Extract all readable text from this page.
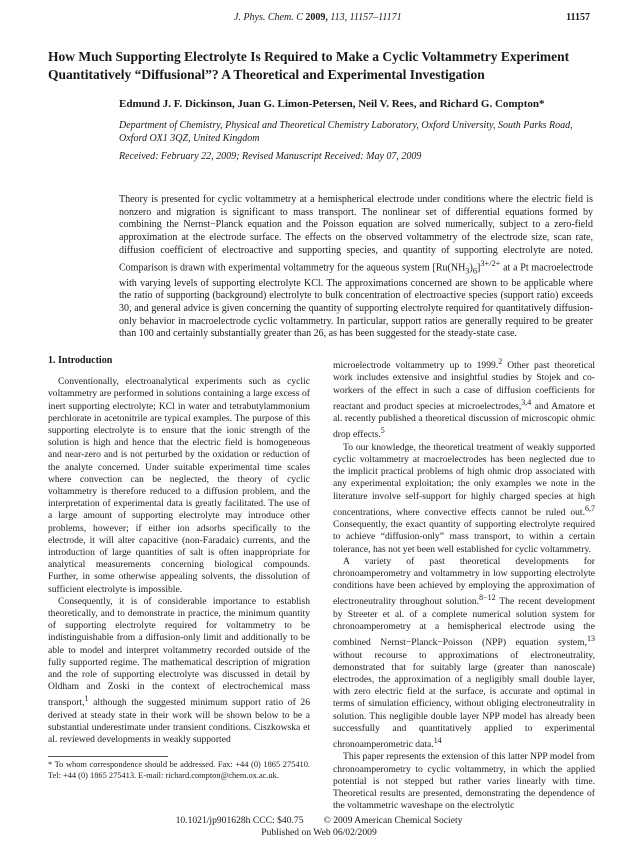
J. Phys. Chem. C 2009, 113, 11157–11171	11157
How Much Supporting Electrolyte Is Required to Make a Cyclic Voltammetry Experiment Quantitatively “Diffusional”? A Theoretical and Experimental Investigation
Edmund J. F. Dickinson, Juan G. Limon-Petersen, Neil V. Rees, and Richard G. Compton*
Department of Chemistry, Physical and Theoretical Chemistry Laboratory, Oxford University, South Parks Road, Oxford OX1 3QZ, United Kingdom
Received: February 22, 2009; Revised Manuscript Received: May 07, 2009

Theory is presented for cyclic voltammetry at a hemispherical electrode under conditions where the electric field is nonzero and migration is significant to mass transport. The nonlinear set of differential equations formed by combining the Nernst−Planck equation and the Poisson equation are solved numerically, subject to a zero-field approximation at the electrode surface. The effects on the observed voltammetry of the electrode size, scan rate, diffusion coefficient of electroactive and supporting species, and quantity of supporting electrolyte are noted. Comparison is drawn with experimental voltammetry for the aqueous system $[Ru(NH_3)_6]^{3+/2+}$ at a Pt macroelectrode with varying levels of supporting electrolyte KCl. The approximations concerned are shown to be applicable where the ratio of supporting (background) electrolyte to bulk concentration of electroactive species (support ratio) exceeds 30, and general advice is given concerning the quantity of supporting electrolyte required for quantitatively diffusion-only behavior in macroelectrode cyclic voltammetry. In particular, support ratios are generally required to be greater than 100 and certainly substantially greater than 26, as has been suggested for the steady-state case.

1. Introduction

Conventionally, electroanalytical experiments such as cyclic voltammetry are performed in solutions containing a large excess of inert supporting electrolyte; KCl in water and tetrabutylammonium perchlorate in acetonitrile are typical examples. The purpose of this supporting electrolyte is to ensure that the ionic strength of the solution is high and hence that the electric field is homogeneous and near-zero and is not perturbed by the oxidation or reduction of the analyte concerned. Under suitable experimental time scales where convection can be neglected, the theory of cyclic voltammetry is therefore reduced to a diffusion problem, and the interpretation of experimental data is greatly facilitated. The use of a large amount of supporting electrolyte may introduce other problems, however; if either ion adsorbs specifically to the electrode, it will alter capacitive (non-Faradaic) currents, and the introduction of large quantities of salt is often inappropriate for analytical measurements concerning biological compounds. Further, in some otherwise appealing solvents, the dissolution of sufficient electrolyte is impossible.

Consequently, it is of considerable importance to establish theoretically, and to demonstrate in practice, the minimum quantity of supporting electrolyte required for voltammetry to be indistinguishable from a diffusion-only limit and additionally to be able to model and interpret voltammetry recorded outside of the fully supported regime. The mathematical description of migration and the role of supporting electrolyte was discussed in detail by Oldham and Zoski in the context of electrochemical mass transport,$^1$ although the suggested minimum support ratio of 26 derived at steady state in their work will be shown below to be a substantial underestimate under transient conditions. Ciszkowska et al. reviewed developments in weakly supported

* To whom correspondence should be addressed. Fax: +44 (0) 1865 275410. Tel: +44 (0) 1865 275413. E-mail: richard.compton@chem.ox.ac.uk.

microelectrode voltammetry up to 1999.$^2$ Other past theoretical work includes extensive and insightful studies by Stojek and co-workers of the effect in such a case of diffusion coefficients for reactant and product species at microelectrodes,$^{3,4}$ and Amatore et al. recently published a theoretical discussion of microscopic ohmic drop effects.$^5$

To our knowledge, the theoretical treatment of weakly supported cyclic voltammetry at macroelectrodes has been neglected due to the implicit practical problems of high ohmic drop associated with any experimental exploitation; the only examples we note in the literature involve self-support for highly charged species at high concentrations, where convective effects cannot be ruled out.$^{6,7}$ Consequently, the exact quantity of supporting electrolyte required to achieve “diffusion-only” mass transport, to within a certain tolerance, has not yet been well established for cyclic voltammetry.

A variety of past theoretical developments for chronoamperometry and voltammetry in low supporting electrolyte conditions have been achieved by employing the approximation of electroneutrality throughout solution.$^{8-12}$ The recent development by Streeter et al. of a complete numerical solution system for chronoamperometry at a hemispherical electrode using the combined Nernst−Planck−Poisson (NPP) equation system,$^{13}$ without recourse to approximations of electroneutrality, demonstrated that for suitably large (greater than nanoscale) electrodes, the approximation of a negligibly small double layer, with zero electric field at the surface, is accurate and optimal in terms of simulation efficiency, without obliging electroneutrality in solution. This negligible double layer NPP model has already been successfully and quantitatively applied to experimental chronoamperometric data.$^{14}$

This paper represents the extension of this latter NPP model from chronoamperometry to cyclic voltammetry, in which the applied potential is not stepped but rather varies linearly with time. Theoretical results are presented, demonstrating the dependence of the voltammetric waveshape on the electrolytic

10.1021/jp901628h CCC: $40.75 © 2009 American Chemical Society
Published on Web 06/02/2009
